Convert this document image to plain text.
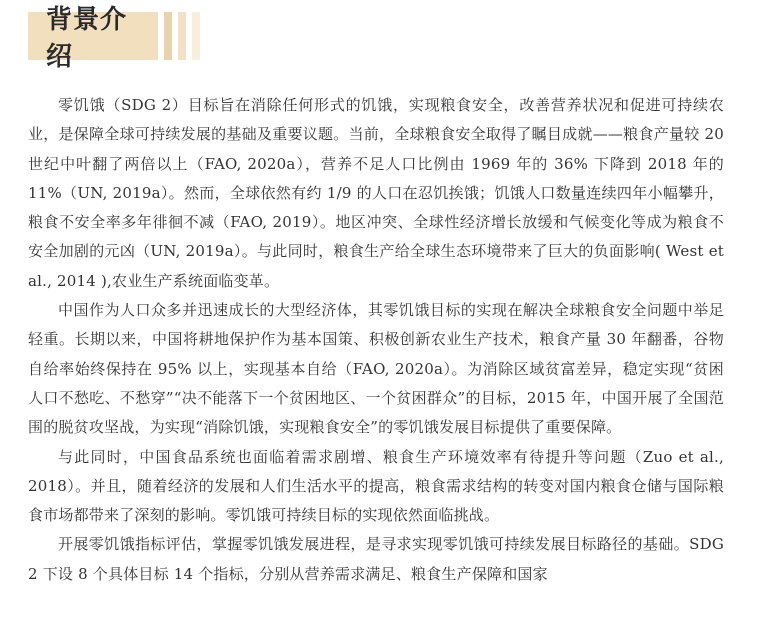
背景介绍

零饥饿（SDG 2）目标旨在消除任何形式的饥饿，实现粮食安全，改善营养状况和促进可持续农业，是保障全球可持续发展的基础及重要议题。当前，全球粮食安全取得了瞩目成就——粮食产量较 20 世纪中叶翻了两倍以上（FAO, 2020a），营养不足人口比例由 1969 年的 36% 下降到 2018 年的 11%（UN, 2019a）。然而，全球依然有约 1/9 的人口在忍饥挨饿；饥饿人口数量连续四年小幅攀升，粮食不安全率多年徘徊不减（FAO, 2019）。地区冲突、全球性经济增长放缓和气候变化等成为粮食不安全加剧的元凶（UN, 2019a）。与此同时，粮食生产给全球生态环境带来了巨大的负面影响( West et al., 2014 ),农业生产系统面临变革。

中国作为人口众多并迅速成长的大型经济体，其零饥饿目标的实现在解决全球粮食安全问题中举足轻重。长期以来，中国将耕地保护作为基本国策、积极创新农业生产技术，粮食产量 30 年翻番，谷物自给率始终保持在 95% 以上，实现基本自给（FAO, 2020a）。为消除区域贫富差异，稳定实现“贫困人口不愁吃、不愁穿”“决不能落下一个贫困地区、一个贫困群众”的目标，2015 年，中国开展了全国范围的脱贫攻坚战，为实现“消除饥饿，实现粮食安全”的零饥饿发展目标提供了重要保障。

与此同时，中国食品系统也面临着需求剧增、粮食生产环境效率有待提升等问题（Zuo et al., 2018）。并且，随着经济的发展和人们生活水平的提高，粮食需求结构的转变对国内粮食仓储与国际粮食市场都带来了深刻的影响。零饥饿可持续目标的实现依然面临挑战。

开展零饥饿指标评估，掌握零饥饿发展进程，是寻求实现零饥饿可持续发展目标路径的基础。SDG 2 下设 8 个具体目标 14 个指标，分别从营养需求满足、粮食生产保障和国家
